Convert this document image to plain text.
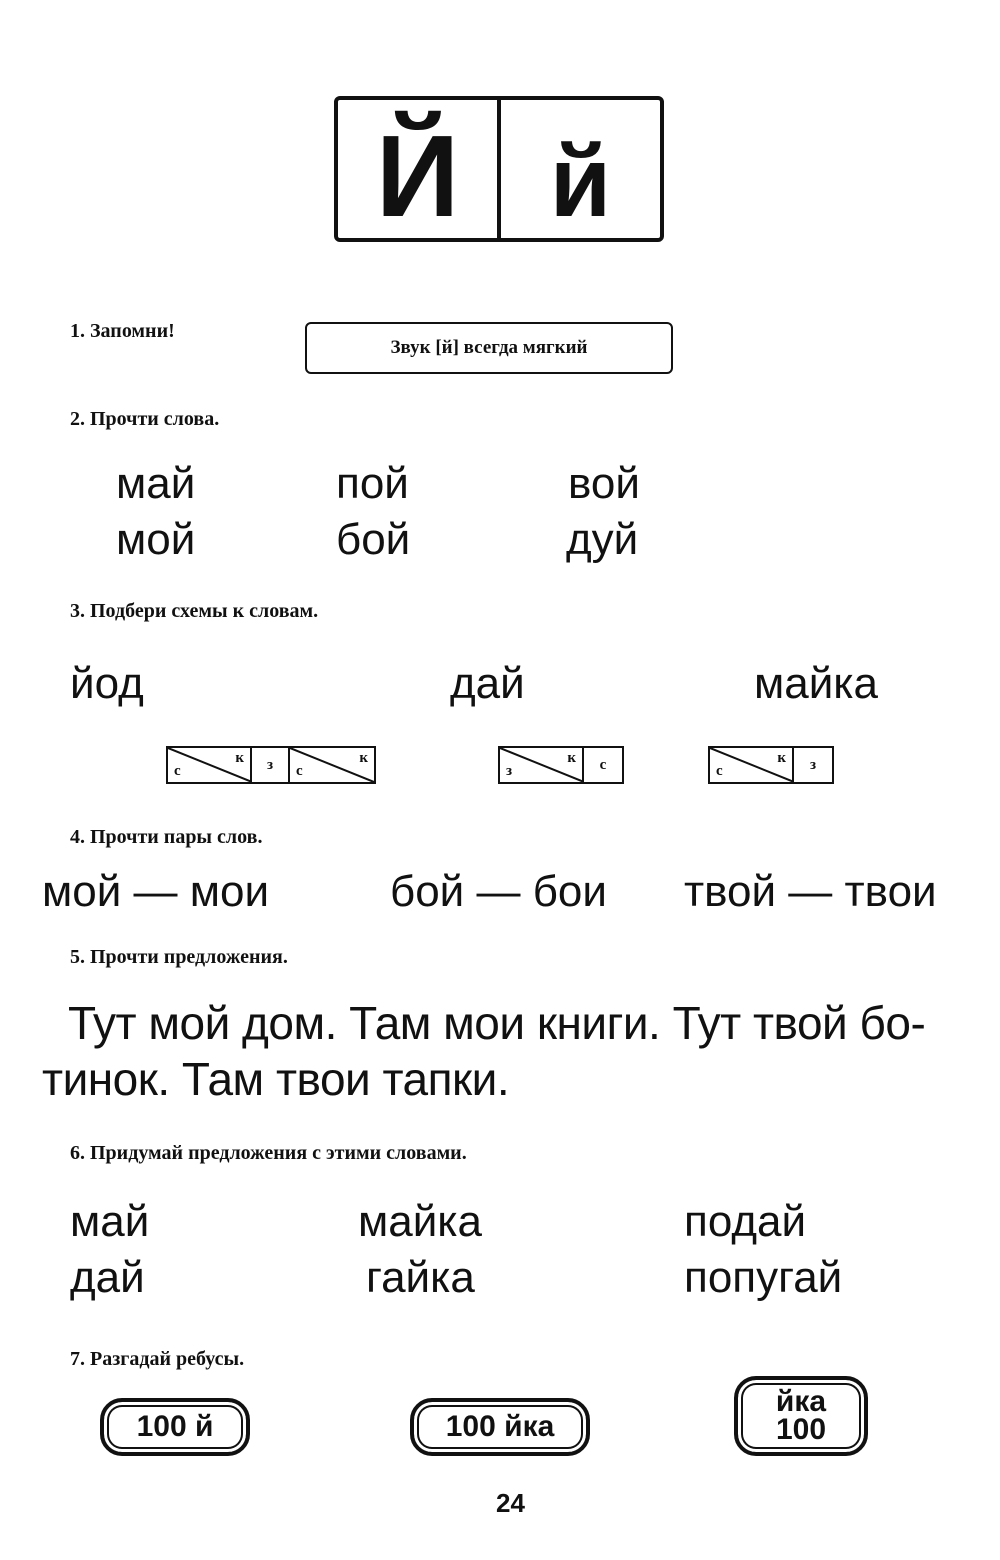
Й й
1. Запомни!
Звук [й] всегда мягкий
2. Прочти слова.
май	пой	вой
мой	бой	дуй
3. Подбери схемы к словам.
йод	дай	майка
с
к	з	с
к
з
к	с	с
к	з
4. Прочти пары слов.
мой — мои	бой — бои твой — твои
5. Прочти предложения.
Тут мой дом. Там мои книги. Тут твой бо-
тинок. Там твои тапки.
6. Придумай предложения с этими словами.
май	майка	подай
дай	гайка	попугай
7. Разгадай ребусы.
100 й	100 йка
йка
100
24
